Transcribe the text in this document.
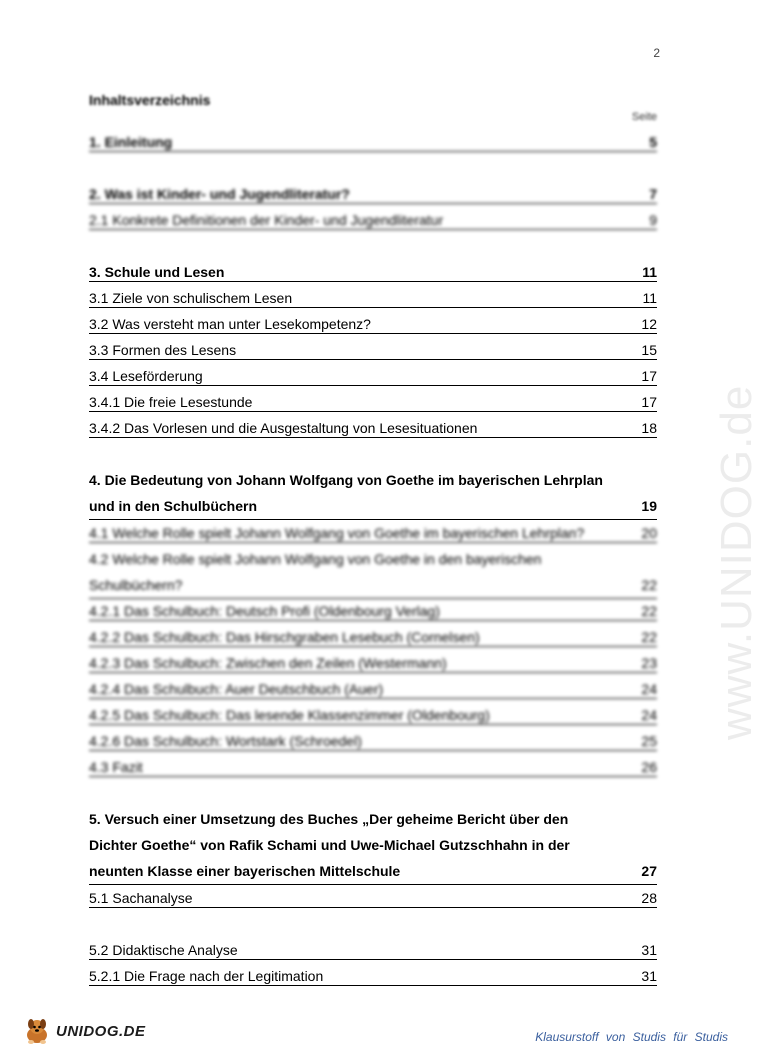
2
www.UNIDOG.de
Inhaltsverzeichnis
Seite
1. Einleitung	5
2. Was ist Kinder- und Jugendliteratur?	7
2.1 Konkrete Definitionen der Kinder- und Jugendliteratur	9
3. Schule und Lesen	11
3.1 Ziele von schulischem Lesen	11
3.2 Was versteht man unter Lesekompetenz?	12
3.3 Formen des Lesens	15
3.4 Leseförderung	17
3.4.1 Die freie Lesestunde	17
3.4.2 Das Vorlesen und die Ausgestaltung von Lesesituationen	18
4. Die Bedeutung von Johann Wolfgang von Goethe im bayerischen Lehrplan
und in den Schulbüchern	19
4.1 Welche Rolle spielt Johann Wolfgang von Goethe im bayerischen Lehrplan?	20
4.2 Welche Rolle spielt Johann Wolfgang von Goethe in den bayerischen
Schulbüchern?	22
4.2.1 Das Schulbuch: Deutsch Profi (Oldenbourg Verlag)	22
4.2.2 Das Schulbuch: Das Hirschgraben Lesebuch (Cornelsen)	22
4.2.3 Das Schulbuch: Zwischen den Zeilen (Westermann)	23
4.2.4 Das Schulbuch: Auer Deutschbuch (Auer)	24
4.2.5 Das Schulbuch: Das lesende Klassenzimmer (Oldenbourg)	24
4.2.6 Das Schulbuch: Wortstark (Schroedel)	25
4.3 Fazit	26
5. Versuch einer Umsetzung des Buches „Der geheime Bericht über den
Dichter Goethe“ von Rafik Schami und Uwe-Michael Gutzschhahn in der
neunten Klasse einer bayerischen Mittelschule	27
5.1 Sachanalyse	28
5.2 Didaktische Analyse	31
5.2.1 Die Frage nach der Legitimation	31
UNIDOG.DE	Klausurstoff von Studis für Studis
